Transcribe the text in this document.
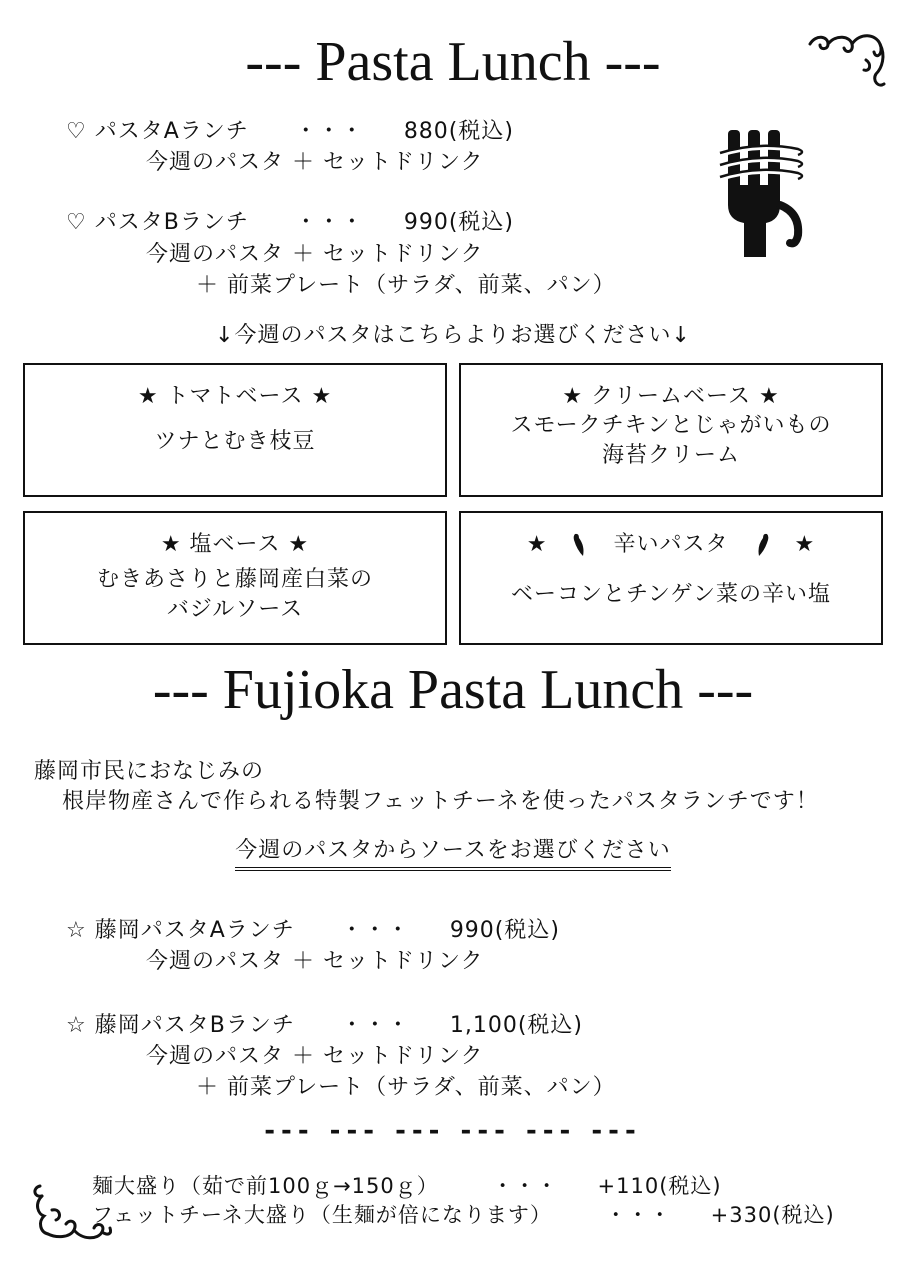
--- Pasta Lunch ---
♡ パスタAランチ ・・・ 880(税込)
今週のパスタ ＋ セットドリンク
♡ パスタBランチ ・・・ 990(税込)
今週のパスタ ＋ セットドリンク
＋ 前菜プレート（サラダ、前菜、パン）
↓今週のパスタはこちらよりお選びください↓
★ トマトベース ★
ツナとむき枝豆
★ クリームベース ★
スモークチキンとじゃがいもの
海苔クリーム
★ 塩ベース ★
むきあさりと藤岡産白菜の
バジルソース
★	辛いパスタ	★
ベーコンとチンゲン菜の辛い塩
--- Fujioka Pasta Lunch ---
藤岡市民におなじみの
根岸物産さんで作られる特製フェットチーネを使ったパスタランチです！
今週のパスタからソースをお選びください
☆ 藤岡パスタAランチ ・・・ 990(税込)
今週のパスタ ＋ セットドリンク
☆ 藤岡パスタBランチ ・・・ 1,100(税込)
今週のパスタ ＋ セットドリンク
＋ 前菜プレート（サラダ、前菜、パン）
--- --- --- --- --- ---
麺大盛り（茹で前100ｇ→150ｇ）	・・・ +110(税込)
フェットチーネ大盛り（生麺が倍になります）	・・・ +330(税込)
